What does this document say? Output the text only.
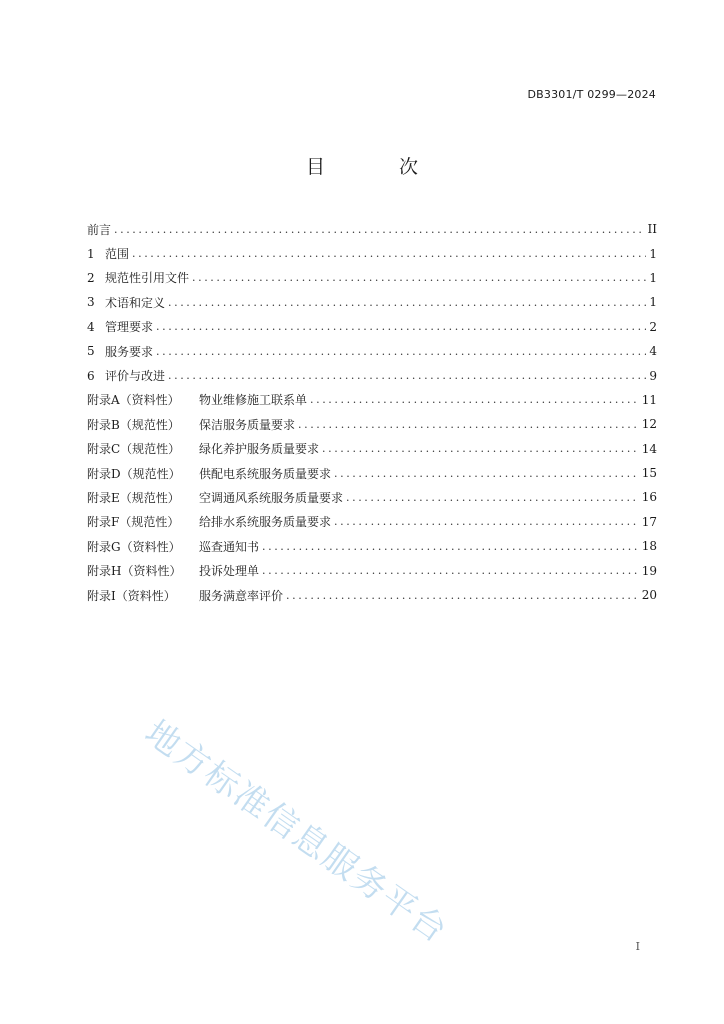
DB3301/T 0299—2024
目 次
前言 .....	II
1 范围 .....	1
2 规范性引用文件 .....	1
3 术语和定义 .....	1
4 管理要求 .....	2
5 服务要求 .....	4
6 评价与改进 .....	9
附录A（资料性）	物业维修施工联系单 .....	11
附录B（规范性）	保洁服务质量要求 .....	12
附录C（规范性）	绿化养护服务质量要求 .....	14
附录D（规范性）	供配电系统服务质量要求 .....	15
附录E（规范性）	空调通风系统服务质量要求 .....	16
附录F（规范性）	给排水系统服务质量要求 .....	17
附录G（资料性）	巡查通知书 .....	18
附录H（资料性）	投诉处理单 .....	19
附录I（资料性）	服务满意率评价 .....	20
地方标准信息服务平台	I
